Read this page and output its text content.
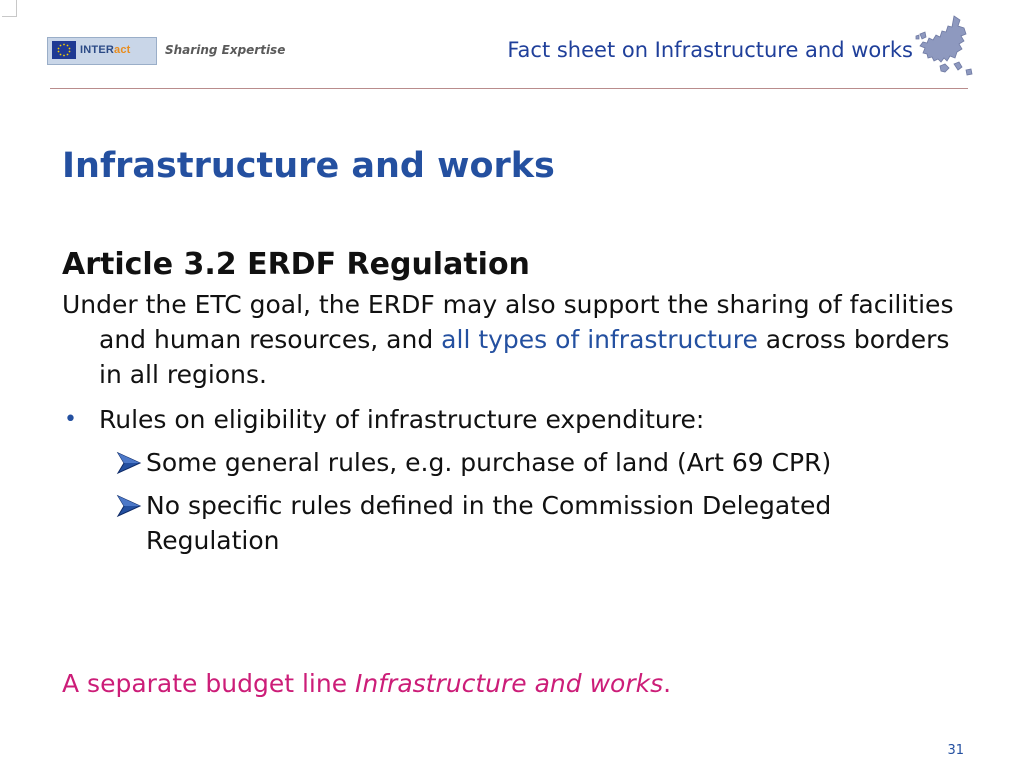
INTERact	Sharing Expertise	Fact sheet on Infrastructure and works
Infrastructure and works
Article 3.2 ERDF Regulation

Under the ETC goal, the ERDF may also support the sharing of facilities and human resources, and all types of infrastructure across borders in all regions.

• Rules on eligibility of infrastructure expenditure:
Some general rules, e.g. purchase of land (Art 69 CPR)
No specific rules defined in the Commission Delegated Regulation
A separate budget line Infrastructure and works.
31
